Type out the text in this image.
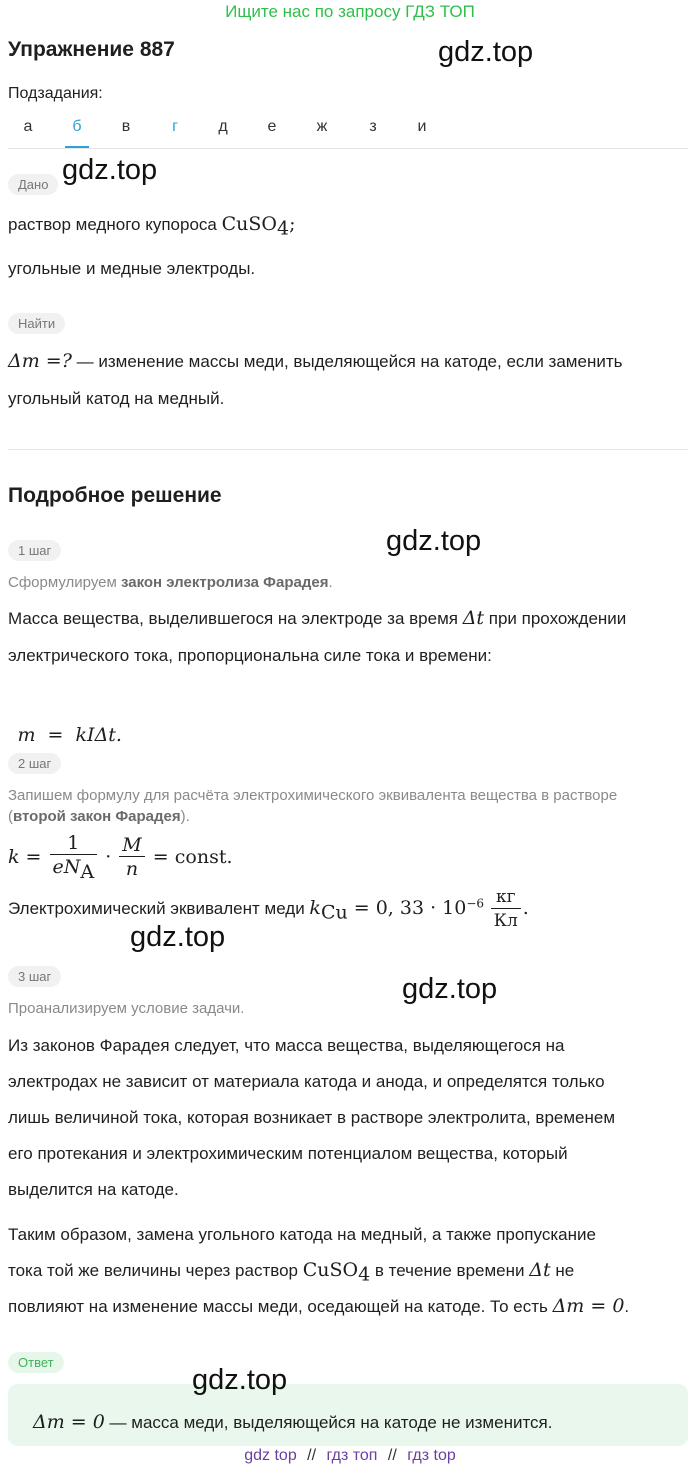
Ищите нас по запросу ГДЗ ТОП
Упражнение 887	gdz.top
Подзадания:
а	б	в	г	д	е	ж	з	и
Дано gdz.top
раствор медного купороса CuSO$_4$;
угольные и медные электроды.
Найти
Δm =? — изменение массы меди, выделяющейся на катоде, если заменить
угольный катод на медный.
Подробное решение
1 шаг	gdz.top
Сформулируем закон электролиза Фарадея.
Масса вещества, выделившегося на электроде за время Δt при прохождении
электрического тока, пропорциональна силе тока и времени:

m  =  kIΔt.

2 шаг
Запишем формулу для расчёта электрохимического эквивалента вещества в растворе
(второй закон Фарадея).
$k = \frac{1}{eN_A} \cdot \frac{M}{n}$ = const.
Электрохимический эквивалент меди $k_{Cu} = 0$, $33 \cdot 10^{-6} \frac{кг}{Кл}$ .
gdz.top
3 шаг	gdz.top
Проанализируем условие задачи.
Из законов Фарадея следует, что масса вещества, выделяющегося на
электродах не зависит от материала катода и анода, и определятся только
лишь величиной тока, которая возникает в растворе электролита, временем
его протекания и электрохимическим потенциалом вещества, который
выделится на катоде.
Таким образом, замена угольного катода на медный, а также пропускание
тока той же величины через раствор CuSO$_4$ в течение времени Δt не
повлияют на изменение массы меди, оседающей на катоде. То есть Δm = 0.
Ответ
gdz.top
Δm = 0 — масса меди, выделяющейся на катоде не изменится.
gdz top // гдз топ // гдз top
